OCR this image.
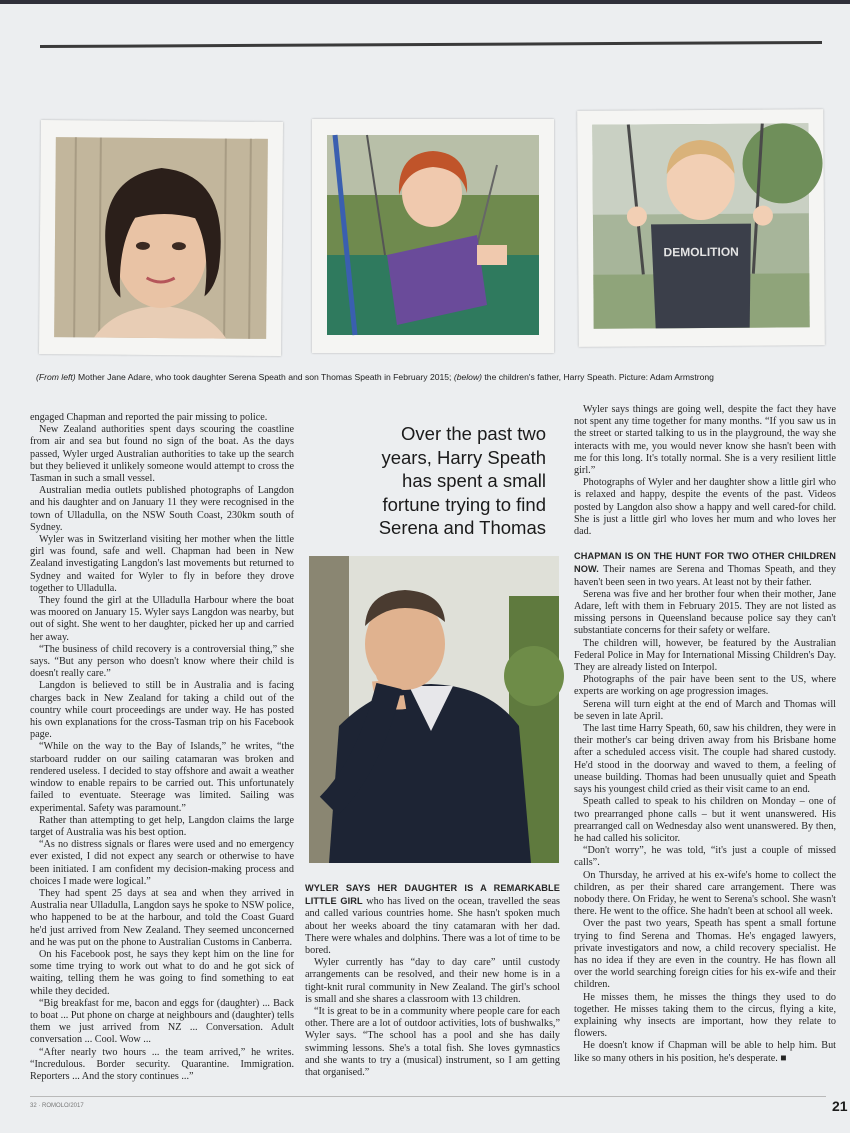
DEMOLITION
(From left) Mother Jane Adare, who took daughter Serena Speath and son Thomas Speath in February 2015; (below) the children's father, Harry Speath. Picture: Adam Armstrong

engaged Chapman and reported the pair missing to police.

New Zealand authorities spent days scouring the coastline from air and sea but found no sign of the boat. As the days passed, Wyler urged Australian authorities to take up the search but they believed it unlikely someone would attempt to cross the Tasman in such a small vessel.

Australian media outlets published photographs of Langdon and his daughter and on January 11 they were recognised in the town of Ulladulla, on the NSW South Coast, 230km south of Sydney.

Wyler was in Switzerland visiting her mother when the little girl was found, safe and well. Chapman had been in New Zealand investigating Langdon's last movements but returned to Sydney and waited for Wyler to fly in before they drove together to Ulladulla.

They found the girl at the Ulladulla Harbour where the boat was moored on January 15. Wyler says Langdon was nearby, but out of sight. She went to her daughter, picked her up and carried her away.

“The business of child recovery is a controversial thing,” she says. “But any person who doesn't know where their child is doesn't really care.”

Langdon is believed to still be in Australia and is facing charges back in New Zealand for taking a child out of the country while court proceedings are under way. He has posted his own explanations for the cross-Tasman trip on his Facebook page.

“While on the way to the Bay of Islands,” he writes, “the starboard rudder on our sailing catamaran was broken and rendered useless. I decided to stay offshore and await a weather window to enable repairs to be carried out. This unfortunately failed to eventuate. Steerage was limited. Sailing was experimental. Safety was paramount.”

Rather than attempting to get help, Langdon claims the large target of Australia was his best option.

“As no distress signals or flares were used and no emergency ever existed, I did not expect any search or otherwise to have been initiated. I am confident my decision-making process and choices I made were logical.”

They had spent 25 days at sea and when they arrived in Australia near Ulladulla, Langdon says he spoke to NSW police, who happened to be at the harbour, and told the Coast Guard he'd just arrived from New Zealand. They seemed unconcerned and he was put on the phone to Australian Customs in Canberra.

On his Facebook post, he says they kept him on the line for some time trying to work out what to do and he got sick of waiting, telling them he was going to find something to eat while they decided.

“Big breakfast for me, bacon and eggs for (daughter) ... Back to boat ... Put phone on charge at neighbours and (daughter) tells them we just arrived from NZ ... Conversation. Adult conversation ... Cool. Wow ...

“After nearly two hours ... the team arrived,” he writes. “Incredulous. Border security. Quarantine. Immigration. Reporters ... And the story continues ...”

Over the past two years, Harry Speath has spent a small fortune trying to find Serena and Thomas

WYLER SAYS HER DAUGHTER IS A REMARKABLE LITTLE GIRL who has lived on the ocean, travelled the seas and called various countries home. She hasn't spoken much about her weeks aboard the tiny catamaran with her dad. There were whales and dolphins. There was a lot of time to be bored.

Wyler currently has “day to day care” until custody arrangements can be resolved, and their new home is in a tight-knit rural community in New Zealand. The girl's school is small and she shares a classroom with 13 children.

“It is great to be in a community where people care for each other. There are a lot of outdoor activities, lots of bushwalks,” Wyler says. “The school has a pool and she has daily swimming lessons. She's a total fish. She loves gymnastics and she wants to try a (musical) instrument, so I am getting that organised.”

Wyler says things are going well, despite the fact they have not spent any time together for many months. “If you saw us in the street or started talking to us in the playground, the way she interacts with me, you would never know she hasn't been with me for this long. It's totally normal. She is a very resilient little girl.”

Photographs of Wyler and her daughter show a little girl who is relaxed and happy, despite the events of the past. Videos posted by Langdon also show a happy and well cared-for child. She is just a little girl who loves her mum and who loves her dad.

CHAPMAN IS ON THE HUNT FOR TWO OTHER CHILDREN NOW. Their names are Serena and Thomas Speath, and they haven't been seen in two years. At least not by their father.

Serena was five and her brother four when their mother, Jane Adare, left with them in February 2015. They are not listed as missing persons in Queensland because police say they can't substantiate concerns for their safety or welfare.

The children will, however, be featured by the Australian Federal Police in May for International Missing Children's Day. They are already listed on Interpol.

Photographs of the pair have been sent to the US, where experts are working on age progression images.

Serena will turn eight at the end of March and Thomas will be seven in late April.

The last time Harry Speath, 60, saw his children, they were in their mother's car being driven away from his Brisbane home after a scheduled access visit. The couple had shared custody. He'd stood in the doorway and waved to them, a feeling of unease building. Thomas had been unusually quiet and Speath says his youngest child cried as their visit came to an end.

Speath called to speak to his children on Monday – one of two prearranged phone calls – but it went unanswered. His prearranged call on Wednesday also went unanswered. By then, he had called his solicitor.

“Don't worry”, he was told, “it's just a couple of missed calls”.

On Thursday, he arrived at his ex-wife's home to collect the children, as per their shared care arrangement. There was nobody there. On Friday, he went to Serena's school. She wasn't there. He went to the office. She hadn't been at school all week.

Over the past two years, Speath has spent a small fortune trying to find Serena and Thomas. He's engaged lawyers, private investigators and now, a child recovery specialist. He has no idea if they are even in the country. He has flown all over the world searching foreign cities for his ex-wife and their children.

He misses them, he misses the things they used to do together. He misses taking them to the circus, flying a kite, explaining why insects are important, how they relate to flowers.

He doesn't know if Chapman will be able to help him. But like so many others in his position, he's desperate. ■

32 · ROMOLO/2017	21
